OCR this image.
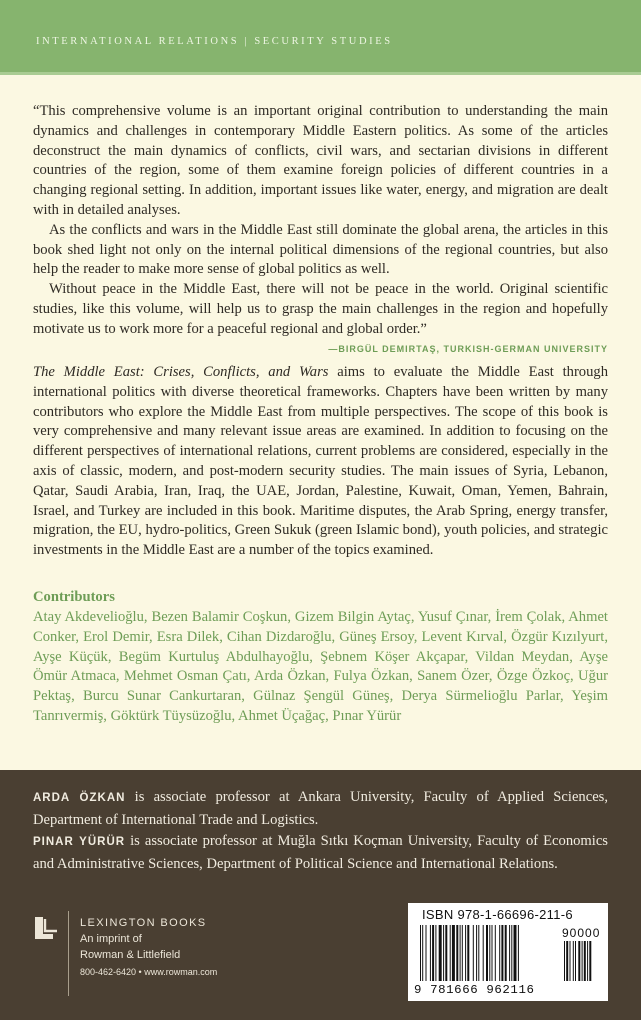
INTERNATIONAL RELATIONS | SECURITY STUDIES

“This comprehensive volume is an important original contribution to understanding the main dynamics and challenges in contemporary Middle Eastern politics. As some of the articles deconstruct the main dynamics of conflicts, civil wars, and sectarian divisions in different countries of the region, some of them examine foreign policies of different countries in a changing regional setting. In addition, important issues like water, energy, and migration are dealt with in detailed analyses.

As the conflicts and wars in the Middle East still dominate the global arena, the articles in this book shed light not only on the internal political dimensions of the regional countries, but also help the reader to make more sense of global politics as well.

Without peace in the Middle East, there will not be peace in the world. Original scientific studies, like this volume, will help us to grasp the main challenges in the region and hopefully motivate us to work more for a peaceful regional and global order.”
—BIRGÜL DEMIRTAŞ, TURKISH-GERMAN UNIVERSITY

The Middle East: Crises, Conflicts, and Wars aims to evaluate the Middle East through international politics with diverse theoretical frameworks. Chapters have been written by many contributors who explore the Middle East from multiple perspectives. The scope of this book is very comprehensive and many relevant issue areas are examined. In addition to focusing on the different perspectives of international relations, current problems are considered, especially in the axis of classic, modern, and post-modern security studies. The main issues of Syria, Lebanon, Qatar, Saudi Arabia, Iran, Iraq, the UAE, Jordan, Palestine, Kuwait, Oman, Yemen, Bahrain, Israel, and Turkey are included in this book. Maritime disputes, the Arab Spring, energy transfer, migration, the EU, hydro-politics, Green Sukuk (green Islamic bond), youth policies, and strategic investments in the Middle East are a number of the topics examined.
Contributors
Atay Akdevelioğlu, Bezen Balamir Coşkun, Gizem Bilgin Aytaç, Yusuf Çınar, İrem Çolak, Ahmet Conker, Erol Demir, Esra Dilek, Cihan Dizdaroğlu, Güneş Ersoy, Levent Kırval, Özgür Kızılyurt, Ayşe Küçük, Begüm Kurtuluş Abdulhayoğlu, Şebnem Köşer Akçapar, Vildan Meydan, Ayşe Ömür Atmaca, Mehmet Osman Çatı, Arda Özkan, Fulya Özkan, Sanem Özer, Özge Özkoç, Uğur Pektaş, Burcu Sunar Cankurtaran, Gülnaz Şengül Güneş, Derya Sürmelioğlu Parlar, Yeşim Tanrıvermiş, Göktürk Tüysüzoğlu, Ahmet Üçağaç, Pınar Yürür
ARDA ÖZKAN is associate professor at Ankara University, Faculty of Applied Sciences, Department of International Trade and Logistics.
PINAR YÜRÜR is associate professor at Muğla Sıtkı Koçman University, Faculty of Economics and Administrative Sciences, Department of Political Science and International Relations.
LEXINGTON BOOKS
An imprint of
Rowman & Littlefield
800-462-6420 • www.rowman.com
ISBN 978-1-66696-211-6
90000
9 781666 962116
